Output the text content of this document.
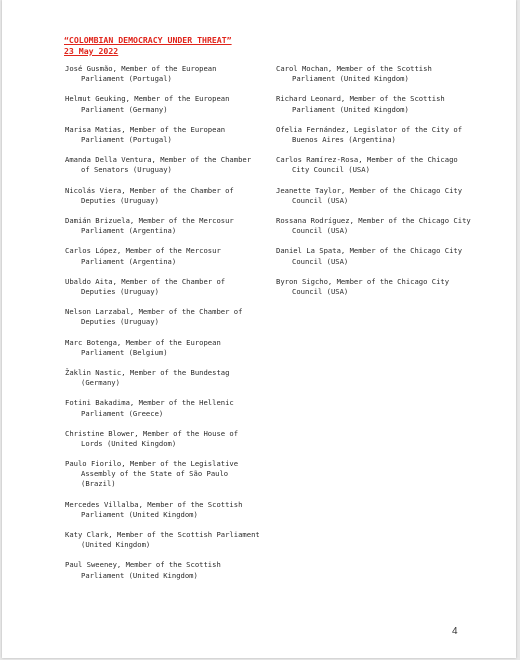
“COLOMBIAN DEMOCRACY UNDER THREAT”
23 May 2022
José Gusmão, Member of the European
Parliament (Portugal)
Helmut Geuking, Member of the European
Parliament (Germany)
Marisa Matias, Member of the European
Parliament (Portugal)
Amanda Della Ventura, Member of the Chamber
of Senators (Uruguay)
Nicolás Viera, Member of the Chamber of
Deputies (Uruguay)
Damián Brizuela, Member of the Mercosur
Parliament (Argentina)
Carlos López, Member of the Mercosur
Parliament (Argentina)
Ubaldo Aita, Member of the Chamber of
Deputies (Uruguay)
Nelson Larzabal, Member of the Chamber of
Deputies (Uruguay)
Marc Botenga, Member of the European
Parliament (Belgium)
Žaklin Nastic, Member of the Bundestag
(Germany)
Fotini Bakadima, Member of the Hellenic
Parliament (Greece)
Christine Blower, Member of the House of
Lords (United Kingdom)
Paulo Fiorilo, Member of the Legislative
Assembly of the State of São Paulo
(Brazil)
Mercedes Villalba, Member of the Scottish
Parliament (United Kingdom)
Katy Clark, Member of the Scottish Parliament
(United Kingdom)
Paul Sweeney, Member of the Scottish
Parliament (United Kingdom)
Carol Mochan, Member of the Scottish
Parliament (United Kingdom)
Richard Leonard, Member of the Scottish
Parliament (United Kingdom)
Ofelia Fernández, Legislator of the City of
Buenos Aires (Argentina)
Carlos Ramírez-Rosa, Member of the Chicago
City Council (USA)
Jeanette Taylor, Member of the Chicago City
Council (USA)
Rossana Rodríguez, Member of the Chicago City
Council (USA)
Daniel La Spata, Member of the Chicago City
Council (USA)
Byron Sigcho, Member of the Chicago City
Council (USA)
4
